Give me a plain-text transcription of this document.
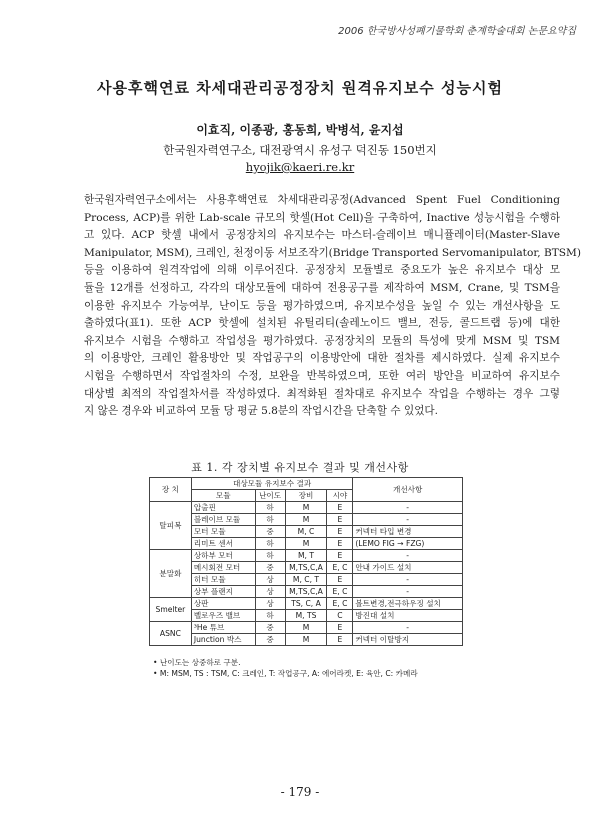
2006 한국방사성폐기물학회 춘계학술대회 논문요약집
사용후핵연료 차세대관리공정장치 원격유지보수 성능시험
이효직, 이종광, 홍동희, 박병석, 윤지섭
한국원자력연구소, 대전광역시 유성구 덕진동 150번지
hyojik@kaeri.re.kr
한국원자력연구소에서는 사용후핵연료 차세대관리공정(Advanced Spent Fuel Conditioning
Process, ACP)를 위한 Lab-scale 규모의 핫셀(Hot Cell)을 구축하여, Inactive 성능시험을 수행하
고 있다. ACP 핫셀 내에서 공정장치의 유지보수는 마스터-슬레이브 매니퓰레이터(Master-Slave
Manipulator, MSM), 크레인, 천정이동 서보조작기(Bridge Transported Servomanipulator, BTSM)
등을 이용하여 원격작업에 의해 이루어진다. 공정장치 모듈별로 중요도가 높은 유지보수 대상 모
듈을 12개를 선정하고, 각각의 대상모듈에 대하여 전용공구를 제작하여 MSM, Crane, 및 TSM을
이용한 유지보수 가능여부, 난이도 등을 평가하였으며, 유지보수성을 높일 수 있는 개선사항을 도
출하였다(표1). 또한 ACP 핫셀에 설치된 유틸리티(솔레노이드 밸브, 전등, 콜드트랩 등)에 대한
유지보수 시험을 수행하고 작업성을 평가하였다. 공정장치의 모듈의 특성에 맞게 MSM 및 TSM
의 이용방안, 크레인 활용방안 및 작업공구의 이용방안에 대한 절차를 제시하였다. 실제 유지보수
시험을 수행하면서 작업절차의 수정, 보완을 반복하였으며, 또한 여러 방안을 비교하여 유지보수
대상별 최적의 작업절차서를 작성하였다. 최적화된 절차대로 유지보수 작업을 수행하는 경우 그렇
지 않은 경우와 비교하여 모듈 당 평균 5.8분의 작업시간을 단축할 수 있었다.
표 1. 각 장치별 유지보수 결과 및 개선사항
장 치	대상모듈 유지보수 결과				개선사항
	모듈	난이도	장비	시야	
탈피복	압출핀	하	M	E	-
	블레이브 모듈	하	M	E	-
	모터 모듈	중	M, C	E	커넥터 타입 변경
	리미트 센서	하	M	E	(LEMO FIG → FZG)
분말화	상하부 모터	하	M, T	E	-
	메시회전 모터	중	M,TS,C,A	E, C	안내 가이드 설치
	히터 모듈	상	M, C, T	E	-
	상부 플랜지	상	M,TS,C,A	E, C	-
Smelter	상판	상	TS, C, A	E, C	볼트변경,전극하우징 설치
	벨로우즈 밸브	하	M, TS	C	방진대 설치
ASNC	³He 튜브	중	M	E	-
	Junction 박스	중	M	E	커넥터 이탈방지
• 난이도는 상중하로 구분.
• M: MSM, TS : TSM, C: 크레인, T: 작업공구, A: 에어라켓, E: 육안, C: 카메라
- 179 -
